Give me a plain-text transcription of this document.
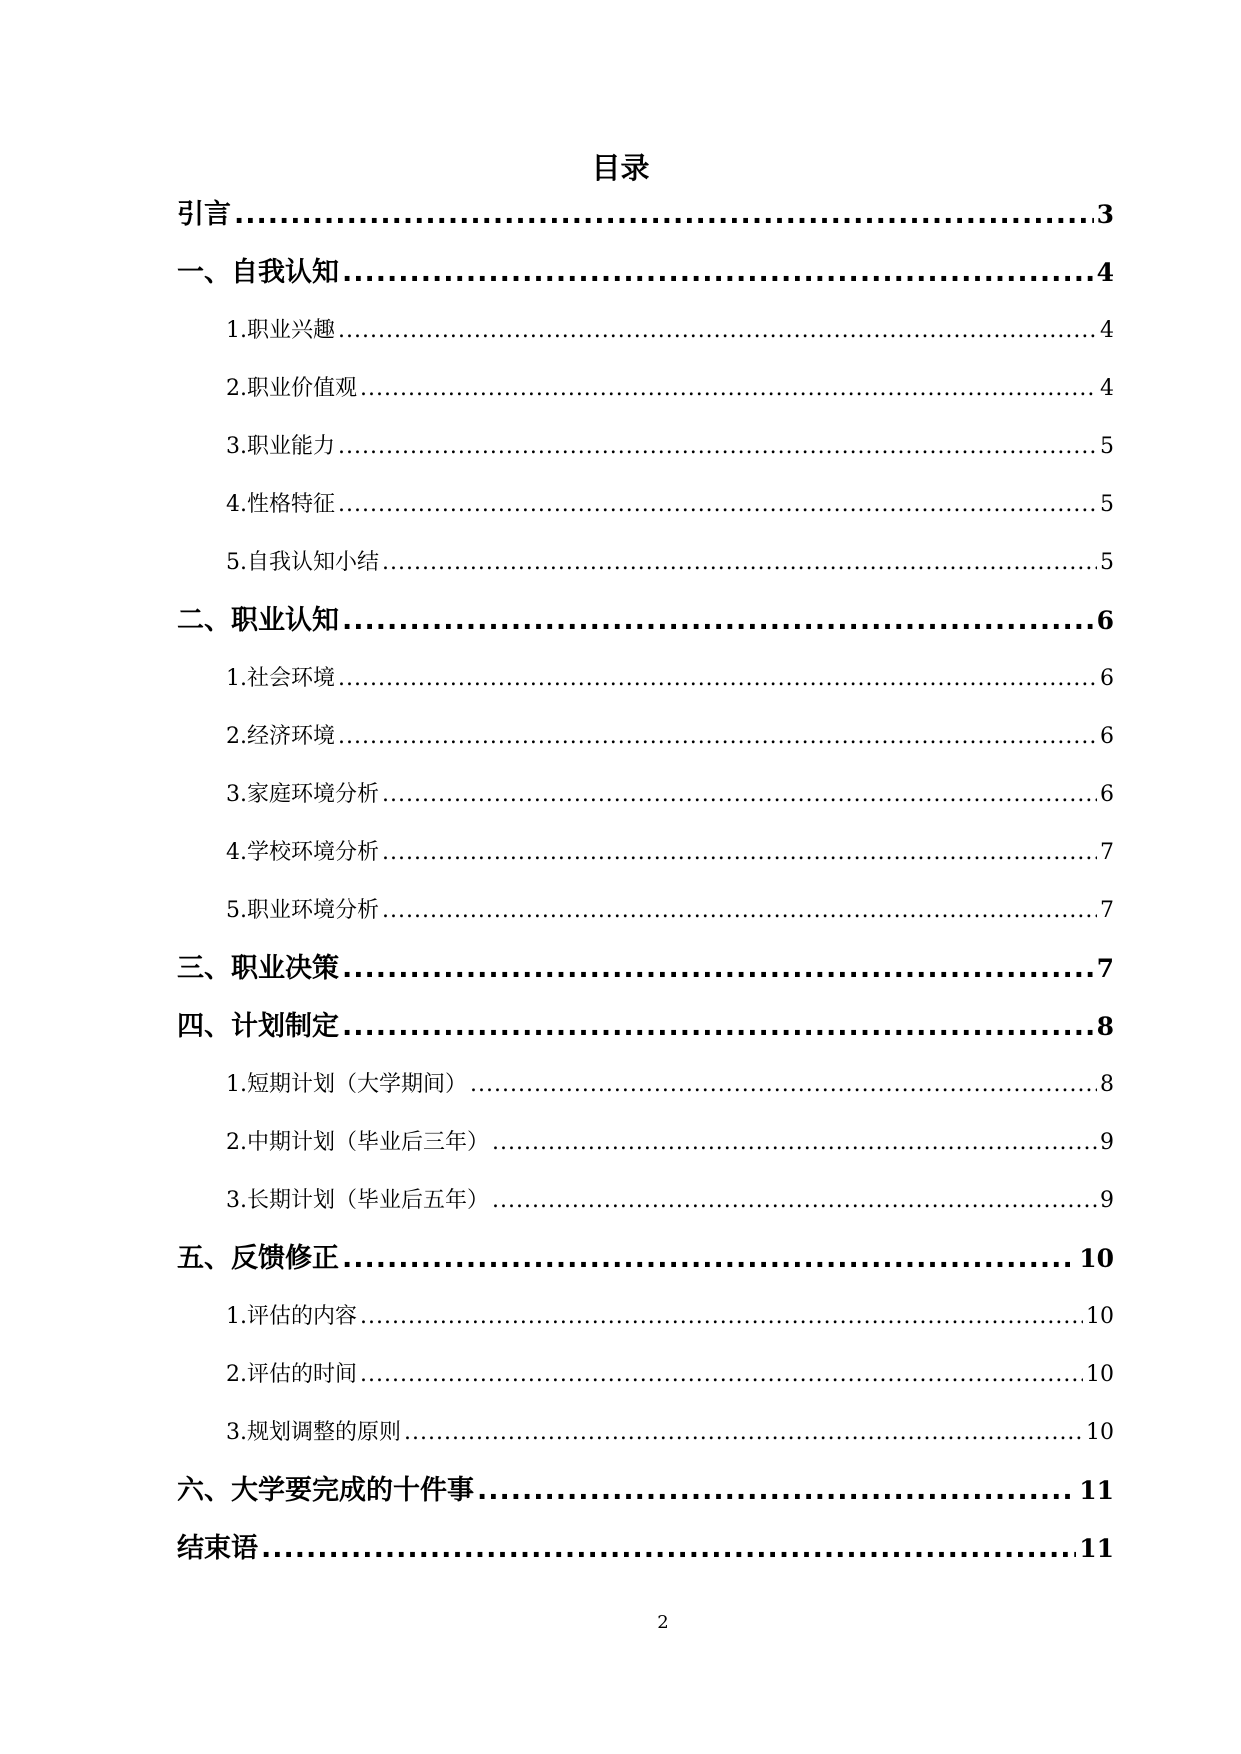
目录
引言 .....	3
一、自我认知 .....	4
1.职业兴趣 .....	4
2.职业价值观 .....	4
3.职业能力 .....	5
4.性格特征 .....	5
5.自我认知小结 .....	5
二、职业认知 .....	6
1.社会环境 .....	6
2.经济环境 .....	6
3.家庭环境分析 .....	6
4.学校环境分析 .....	7
5.职业环境分析 .....	7
三、职业决策 .....	7
四、计划制定 .....	8
1.短期计划（大学期间） .....	8
2.中期计划（毕业后三年） .....	9
3.长期计划（毕业后五年） .....	9
五、反馈修正 .....	10
1.评估的内容 .....	10
2.评估的时间 .....	10
3.规划调整的原则 .....	10
六、大学要完成的十件事 .....	11
结束语 .....	11
2
